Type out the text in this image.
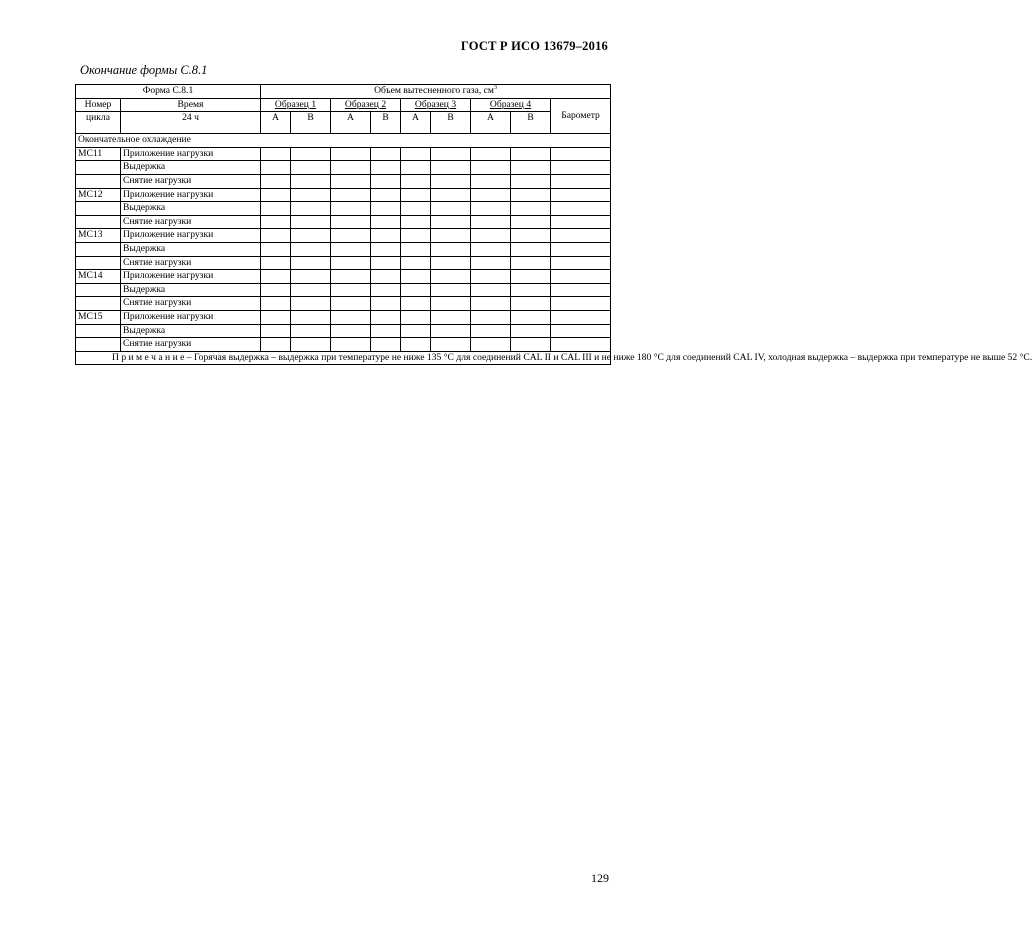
ГОСТ Р ИСО 13679–2016
Окончание формы С.8.1
Форма С.8.1		Объем вытесненного газа, $см^3$
Номер	Время	Образец 1		Образец 2		Образец 3		Образец 4		Барометр
цикла	24 ч	A	B	A	B	A	B	A	B	

Окончательное охлаждение										
МС11	Приложение нагрузки									
	Выдержка									
	Снятие нагрузки									
МС12	Приложение нагрузки									
	Выдержка									
	Снятие нагрузки									
МС13	Приложение нагрузки									
	Выдержка									
	Снятие нагрузки									
МС14	Приложение нагрузки									
	Выдержка									
	Снятие нагрузки									
МС15	Приложение нагрузки									
	Выдержка									
	Снятие нагрузки									
П р и м е ч а н и е – Горячая выдержка – выдержка при температуре не ниже 135 °С для соединений CAL II и CAL III и не ниже 180 °С для соединений CAL IV, холодная выдержка – выдержка при температуре не выше 52 °С.										
129
